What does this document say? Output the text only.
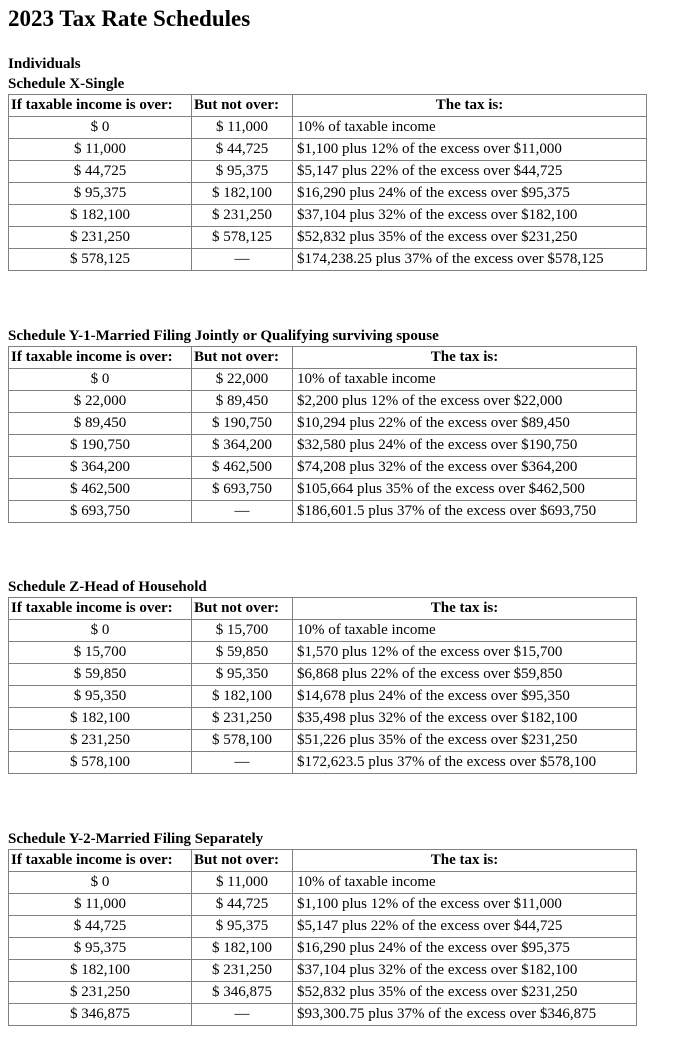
2023 Tax Rate Schedules
Individuals
Schedule X-Single
If taxable income is over:	But not over:	The tax is:
$ 0	$ 11,000	10% of taxable income
$ 11,000	$ 44,725	$1,100 plus 12% of the excess over $11,000
$ 44,725	$ 95,375	$5,147 plus 22% of the excess over $44,725
$ 95,375	$ 182,100	$16,290 plus 24% of the excess over $95,375
$ 182,100	$ 231,250	$37,104 plus 32% of the excess over $182,100
$ 231,250	$ 578,125	$52,832 plus 35% of the excess over $231,250
$ 578,125	—	$174,238.25 plus 37% of the excess over $578,125
Schedule Y-1-Married Filing Jointly or Qualifying surviving spouse
If taxable income is over:	But not over:	The tax is:
$ 0	$ 22,000	10% of taxable income
$ 22,000	$ 89,450	$2,200 plus 12% of the excess over $22,000
$ 89,450	$ 190,750	$10,294 plus 22% of the excess over $89,450
$ 190,750	$ 364,200	$32,580 plus 24% of the excess over $190,750
$ 364,200	$ 462,500	$74,208 plus 32% of the excess over $364,200
$ 462,500	$ 693,750	$105,664 plus 35% of the excess over $462,500
$ 693,750	—	$186,601.5 plus 37% of the excess over $693,750
Schedule Z-Head of Household
If taxable income is over:	But not over:	The tax is:
$ 0	$ 15,700	10% of taxable income
$ 15,700	$ 59,850	$1,570 plus 12% of the excess over $15,700
$ 59,850	$ 95,350	$6,868 plus 22% of the excess over $59,850
$ 95,350	$ 182,100	$14,678 plus 24% of the excess over $95,350
$ 182,100	$ 231,250	$35,498 plus 32% of the excess over $182,100
$ 231,250	$ 578,100	$51,226 plus 35% of the excess over $231,250
$ 578,100	—	$172,623.5 plus 37% of the excess over $578,100
Schedule Y-2-Married Filing Separately
If taxable income is over:	But not over:	The tax is:
$ 0	$ 11,000	10% of taxable income
$ 11,000	$ 44,725	$1,100 plus 12% of the excess over $11,000
$ 44,725	$ 95,375	$5,147 plus 22% of the excess over $44,725
$ 95,375	$ 182,100	$16,290 plus 24% of the excess over $95,375
$ 182,100	$ 231,250	$37,104 plus 32% of the excess over $182,100
$ 231,250	$ 346,875	$52,832 plus 35% of the excess over $231,250
$ 346,875	—	$93,300.75 plus 37% of the excess over $346,875
